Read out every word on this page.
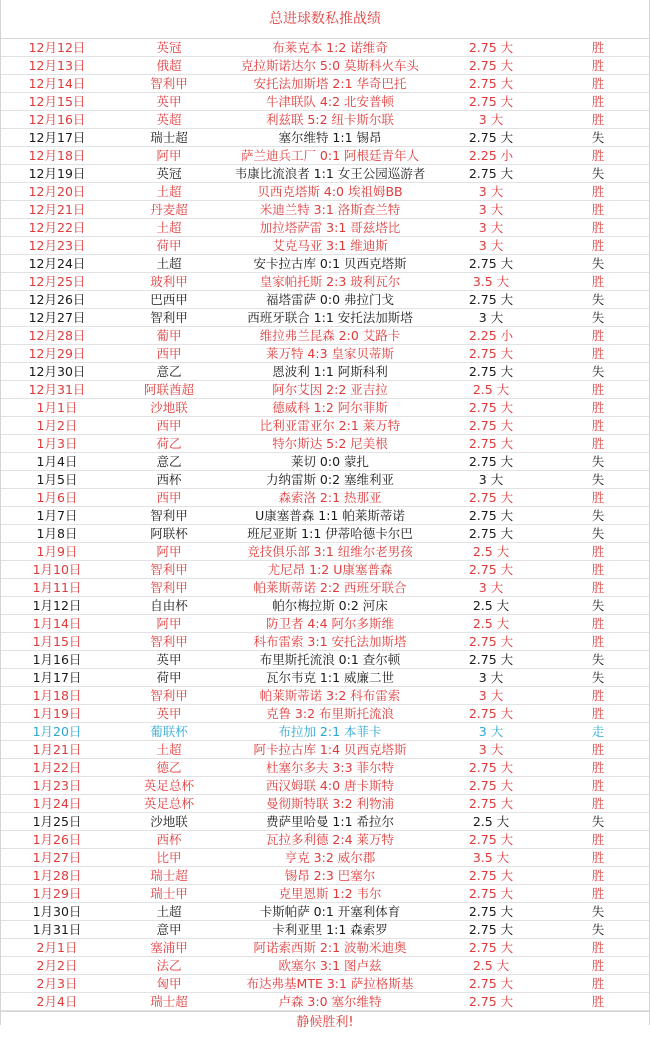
总进球数私推战绩
12月12日	英冠	布莱克本 1:2 诺维奇	2.75 大	胜
12月13日	俄超	克拉斯诺达尔 5:0 莫斯科火车头	2.75 大	胜
12月14日	智利甲	安托法加斯塔 2:1 华奇巴托	2.75 大	胜
12月15日	英甲	牛津联队 4:2 北安普顿	2.75 大	胜
12月16日	英超	利兹联 5:2 纽卡斯尔联	3 大	胜
12月17日	瑞士超	塞尔维特 1:1 锡昂	2.75 大	失
12月18日	阿甲	萨兰迪兵工厂 0:1 阿根廷青年人	2.25 小	胜
12月19日	英冠	韦康比流浪者 1:1 女王公园巡游者	2.75 大	失
12月20日	土超	贝西克塔斯 4:0 埃祖姆BB	3 大	胜
12月21日	丹麦超	米迪兰特 3:1 洛斯查兰特	3 大	胜
12月22日	土超	加拉塔萨雷 3:1 哥兹塔比	3 大	胜
12月23日	荷甲	艾克马亚 3:1 维迪斯	3 大	胜
12月24日	土超	安卡拉古库 0:1 贝西克塔斯	2.75 大	失
12月25日	玻利甲	皇家帕托斯 2:3 玻利瓦尔	3.5 大	胜
12月26日	巴西甲	福塔雷萨 0:0 弗拉门戈	2.75 大	失
12月27日	智利甲	西班牙联合 1:1 安托法加斯塔	3 大	失
12月28日	葡甲	维拉弗兰昆森 2:0 艾路卡	2.25 小	胜
12月29日	西甲	莱万特 4:3 皇家贝蒂斯	2.75 大	胜
12月30日	意乙	恩波利 1:1 阿斯科利	2.75 大	失
12月31日	阿联酋超	阿尔艾因 2:2 亚吉拉	2.5 大	胜
1月1日	沙地联	德威科 1:2 阿尔菲斯	2.75 大	胜
1月2日	西甲	比利亚雷亚尔 2:1 莱万特	2.75 大	胜
1月3日	荷乙	特尔斯达 5:2 尼美根	2.75 大	胜
1月4日	意乙	莱切 0:0 蒙扎	2.75 大	失
1月5日	西杯	力纳雷斯 0:2 塞维利亚	3 大	失
1月6日	西甲	森索洛 2:1 热那亚	2.75 大	胜
1月7日	智利甲	U康塞普森 1:1 帕莱斯蒂诺	2.75 大	失
1月8日	阿联杯	班尼亚斯 1:1 伊蒂哈德卡尔巴	2.75 大	失
1月9日	阿甲	竞技俱乐部 3:1 纽维尔老男孩	2.5 大	胜
1月10日	智利甲	尤尼昂 1:2 U康塞普森	2.75 大	胜
1月11日	智利甲	帕莱斯蒂诺 2:2 西班牙联合	3 大	胜
1月12日	自由杯	帕尔梅拉斯 0:2 河床	2.5 大	失
1月14日	阿甲	防卫者 4:4 阿尔多斯维	2.5 大	胜
1月15日	智利甲	科布雷索 3:1 安托法加斯塔	2.75 大	胜
1月16日	英甲	布里斯托流浪 0:1 查尔顿	2.75 大	失
1月17日	荷甲	瓦尔韦克 1:1 威廉二世	3 大	失
1月18日	智利甲	帕莱斯蒂诺 3:2 科布雷索	3 大	胜
1月19日	英甲	克鲁 3:2 布里斯托流浪	2.75 大	胜
1月20日	葡联杯	布拉加 2:1 本菲卡	3 大	走
1月21日	土超	阿卡拉古库 1:4 贝西克塔斯	3 大	胜
1月22日	德乙	杜塞尔多夫 3:3 菲尔特	2.75 大	胜
1月23日	英足总杯	西汉姆联 4:0 唐卡斯特	2.75 大	胜
1月24日	英足总杯	曼彻斯特联 3:2 利物浦	2.75 大	胜
1月25日	沙地联	费萨里哈曼 1:1 希拉尔	2.5 大	失
1月26日	西杯	瓦拉多利德 2:4 莱万特	2.75 大	胜
1月27日	比甲	亨克 3:2 威尔郡	3.5 大	胜
1月28日	瑞士超	锡昂 2:3 巴塞尔	2.75 大	胜
1月29日	瑞士甲	克里恩斯 1:2 韦尔	2.75 大	胜
1月30日	土超	卡斯帕萨 0:1 开塞利体育	2.75 大	失
1月31日	意甲	卡利亚里 1:1 森索罗	2.75 大	失
2月1日	塞浦甲	阿诺索西斯 2:1 波勒米迪奥	2.75 大	胜
2月2日	法乙	欧塞尔 3:1 图卢兹	2.5 大	胜
2月3日	匈甲	布达弗基MTE 3:1 萨拉格斯基	2.75 大	胜
2月4日	瑞士超	卢森 3:0 塞尔维特	2.75 大	胜
静候胜利!
